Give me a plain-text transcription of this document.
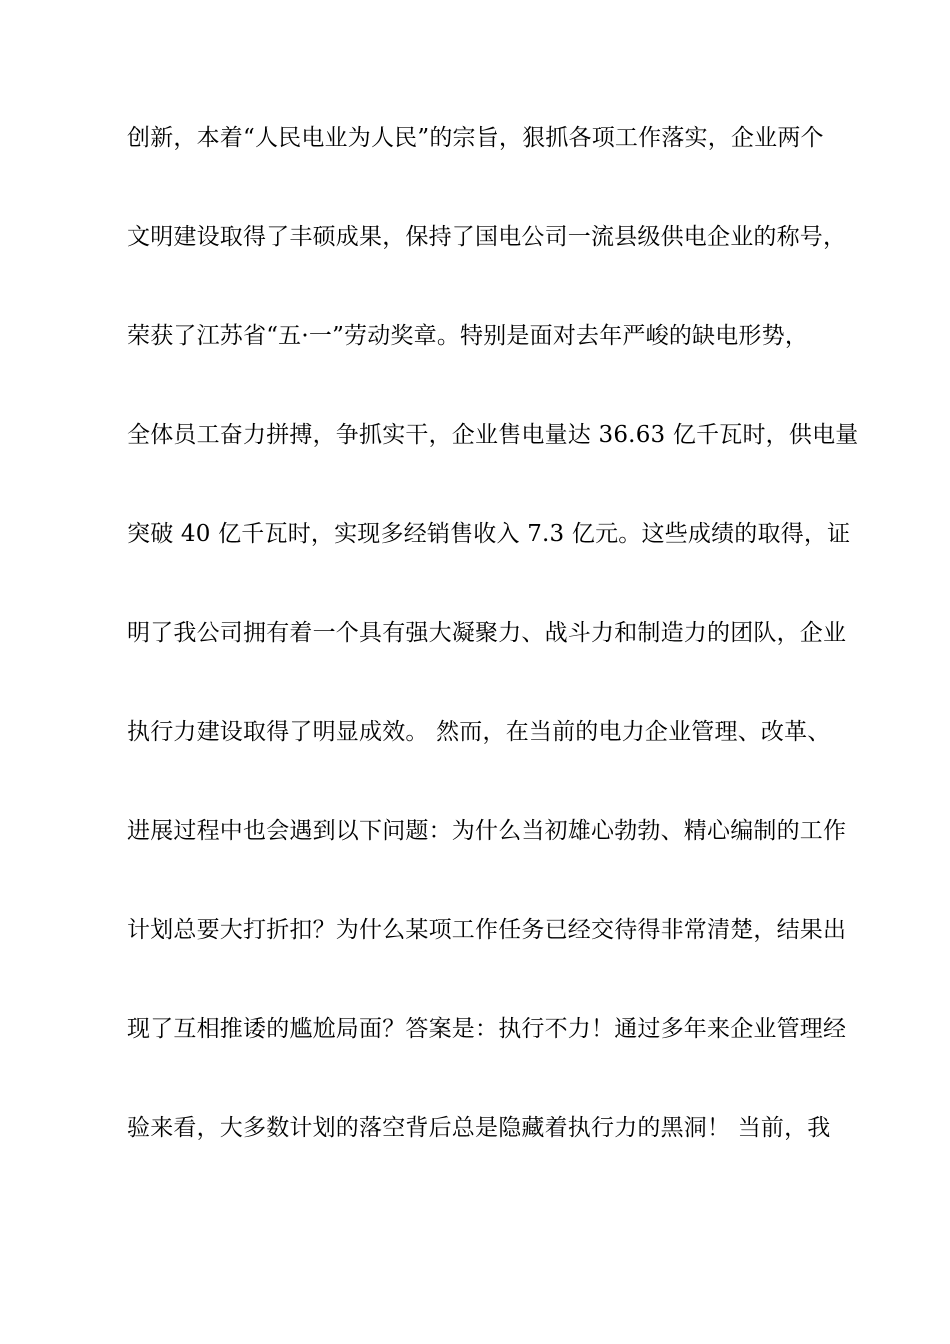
创新，本着“人民电业为人民”的宗旨，狠抓各项工作落实，企业两个
文明建设取得了丰硕成果，保持了国电公司一流县级供电企业的称号，
荣获了江苏省“五·一”劳动奖章。特别是面对去年严峻的缺电形势，
全体员工奋力拼搏，争抓实干，企业售电量达 36.63 亿千瓦时，供电量
突破 40 亿千瓦时，实现多经销售收入 7.3 亿元。这些成绩的取得，证
明了我公司拥有着一个具有强大凝聚力、战斗力和制造力的团队，企业
执行力建设取得了明显成效。 然而，在当前的电力企业管理、改革、
进展过程中也会遇到以下问题：为什么当初雄心勃勃、精心编制的工作
计划总要大打折扣？为什么某项工作任务已经交待得非常清楚，结果出
现了互相推诿的尴尬局面？答案是：执行不力！通过多年来企业管理经
验来看，大多数计划的落空背后总是隐藏着执行力的黑洞！ 当前，我
